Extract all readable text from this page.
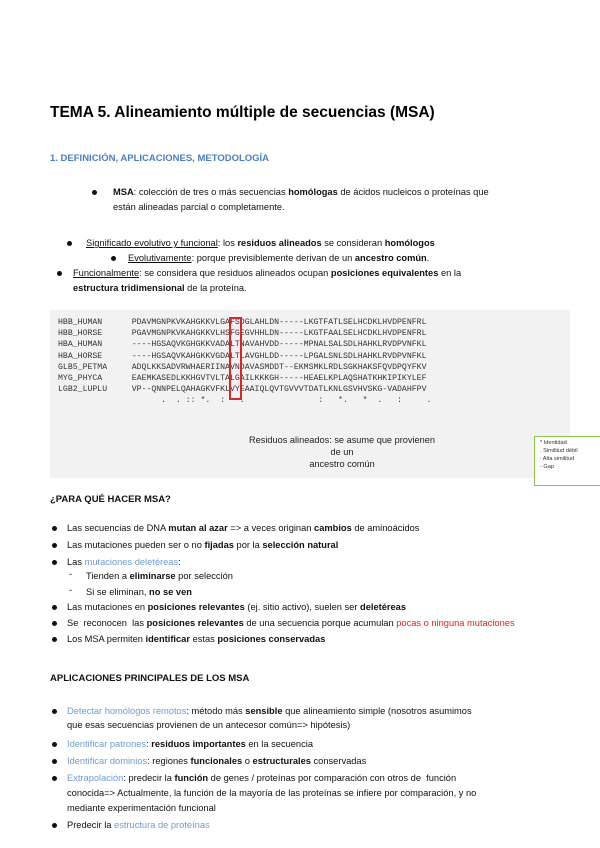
TEMA 5. Alineamiento múltiple de secuencias (MSA)
1. DEFINICIÓN, APLICACIONES, METODOLOGÍA
MSA: colección de tres o más secuencias homólogas de ácidos nucleicos o proteínas que
están alineadas parcial o completamente.
Significado evolutivo y funcional: los residuos alineados se consideran homólogos
Evolutivamente: porque previsiblemente derivan de un ancestro común.
Funcionalmente: se considera que residuos alineados ocupan posiciones equivalentes en la
estructura tridimensional de la proteína.
HBB_HUMAN      PDAVMGNPKVKAHGKKVLGAFSDGLAHLDN-----LKGTFATLSELHCDKLHVDPENFRL
HBB_HORSE      PGAVMGNPKVKAHGKKVLHSFGEGVHHLDN-----LKGTFAALSELHCDKLHVDPENFRL
HBA_HUMAN      ----HGSAQVKGHGKKVADALTNAVAHVDD-----MPNALSALSDLHAHKLRVDPVNFKL
HBA_HORSE      ----HGSAQVKAHGKKVGDALTLAVGHLDD-----LPGALSNLSDLHAHKLRVDPVNFKL
GLB5_PETMA     ADQLKKSADVRWHAERIINAVNDAVASMDDT--EKMSMKLRDLSGKHAKSFQVDPQYFKV
MYG_PHYCA      EAEMKASEDLKKHGVTVLTALGAILKKKGH-----HEAELKPLAQSHATKHKIPIKYLEF
LGB2_LUPLU     VP--QNNPELQAHAGKVFKLVYEAAIQLQVTGVVVTDATLKNLGSVHVSKG-VADAHFPV
.  . :: *.  :   .               :   *.   *  .   :     .
Residuos alineados: se asume que provienen de un
ancestro común
* Identidad
. Similitud débil
: Alta similitud
- Gap
¿PARA QUÉ HACER MSA?
Las secuencias de DNA mutan al azar => a veces originan cambios de aminoácidos
Las mutaciones pueden ser o no fijadas por la selección natural
Las mutaciones deletéreas:
- Tienden a eliminarse por selección
- Si se eliminan, no se ven
Las mutaciones en posiciones relevantes (ej. sitio activo), suelen ser deletéreas
Se  reconocen  las posiciones relevantes de una secuencia porque acumulan pocas o ninguna mutaciones
Los MSA permiten identificar estas posiciones conservadas
APLICACIONES PRINCIPALES DE LOS MSA
Detectar homólogos remotos: método más sensible que alineamiento simple (nosotros asumimos
que esas secuencias provienen de un antecesor común=> hipótesis)
Identificar patrones: residuos importantes en la secuencia
Identificar dominios: regiones funcionales o estructurales conservadas
Extrapolación: predecir la función de genes / proteínas por comparación con otros de  función
conocida=> Actualmente, la función de la mayoría de las proteínas se infiere por comparación, y no
mediante experimentación funcional
Predecir la estructura de proteínas
